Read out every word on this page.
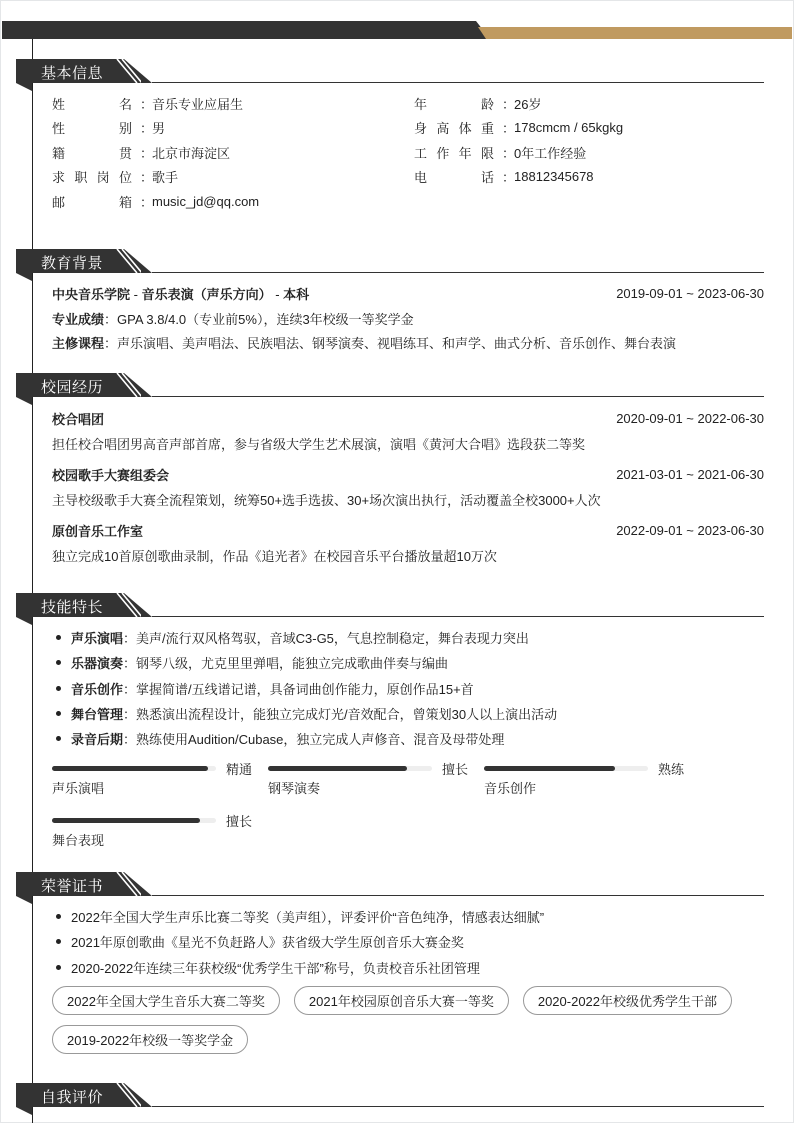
基本信息
姓	名 ：
音乐专业应届生
性	别 ：
男
籍	贯 ：
北京市海淀区
求 职 岗 位 ：
歌手
邮	箱 ：
music_jd@qq.com
年	龄 ：
26岁
身 高 体 重 ：
178cmcm / 65kgkg
工 作 年 限 ：
0年工作经验
电	话 ：
18812345678
教育背景
中央音乐学院 - 音乐表演（声乐方向） - 本科	2019-09-01 ~ 2023-06-30
专业成绩 ：GPA 3.8/4.0（专业前5%），连续3年校级一等奖学金
主修课程 ：声乐演唱、美声唱法、民族唱法、钢琴演奏、视唱练耳、和声学、曲式分析、音乐创作、舞台表演
校园经历
校合唱团	2020-09-01 ~ 2022-06-30
担任校合唱团男高音声部首席，参与省级大学生艺术展演，演唱《黄河大合唱》选段获二等奖
校园歌手大赛组委会	2021-03-01 ~ 2021-06-30
主导校级歌手大赛全流程策划，统筹50+选手选拔、30+场次演出执行，活动覆盖全校3000+人次
原创音乐工作室	2022-09-01 ~ 2023-06-30
独立完成10首原创歌曲录制，作品《追光者》在校园音乐平台播放量超10万次
技能特长
声乐演唱 ：美声/流行双风格驾驭，音域C3-G5，气息控制稳定，舞台表现力突出
乐器演奏 ：钢琴八级，尤克里里弹唱，能独立完成歌曲伴奏与编曲
音乐创作 ：掌握简谱/五线谱记谱，具备词曲创作能力，原创作品15+首
舞台管理 ：熟悉演出流程设计，能独立完成灯光/音效配合，曾策划30人以上演出活动
录音后期 ：熟练使用Audition/Cubase，独立完成人声修音、混音及母带处理
精通
声乐演唱
擅长
钢琴演奏
熟练
音乐创作
擅长
舞台表现
荣誉证书
2022年全国大学生声乐比赛二等奖（美声组），评委评价“音色纯净，情感表达细腻”
2021年原创歌曲《星光不负赶路人》获省级大学生原创音乐大赛金奖
2020-2022年连续三年获校级“优秀学生干部”称号，负责校音乐社团管理
2022年全国大学生音乐大赛二等奖	2021年校园原创音乐大赛一等奖	2020-2022年校级优秀学生干部
2019-2022年校级一等奖学金
自我评价
